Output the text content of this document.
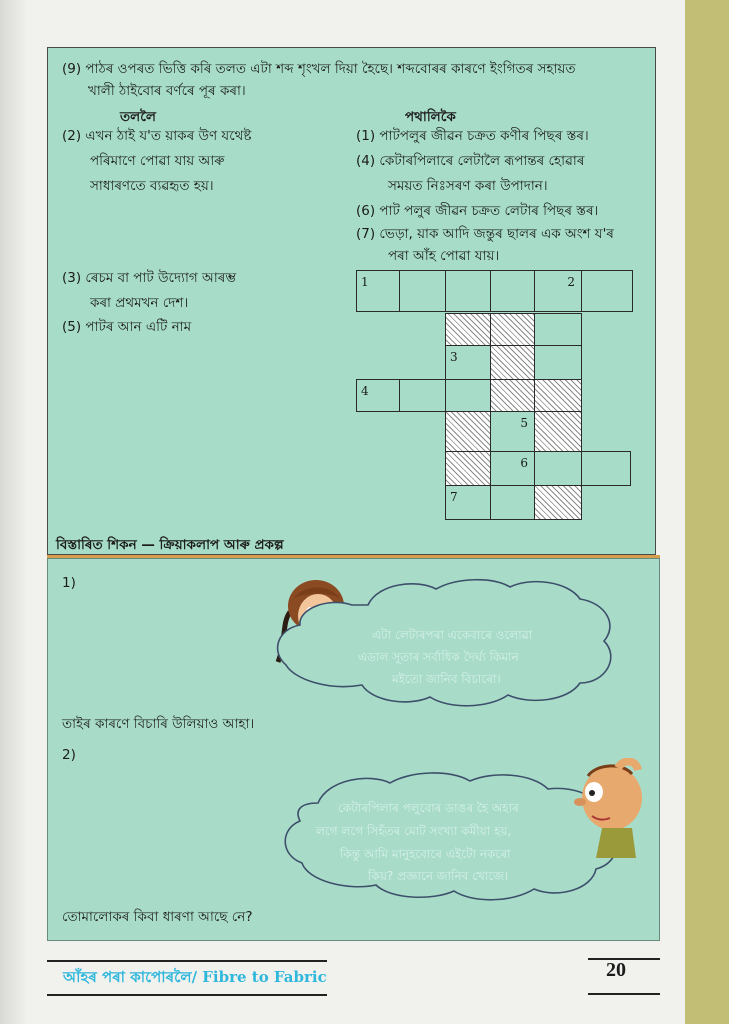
(9) পাঠৰ ওপৰত ভিত্তি কৰি তলত এটা শব্দ শৃংখল দিয়া হৈছে। শব্দবোৰৰ কাৰণে ইংগিতৰ সহায়ত
খালী ঠাইবোৰ বৰ্ণৰে পূৰ কৰা।
তললৈ	পথালিকৈ
(2) এখন ঠাই য'ত য়াকৰ উণ যথেষ্ট
পৰিমাণে পোৱা যায় আৰু
সাধাৰণতে ব্যৱহৃত হয়।
(3) ৰেচম বা পাট উদ্যোগ আৰম্ভ
কৰা প্ৰথমখন দেশ।
(5) পাটৰ আন এটি নাম
(1) পাটপলুৰ জীৱন চক্ৰত কণীৰ পিছৰ স্তৰ।
(4) কেটাৰপিলাৰে লেটালৈ ৰূপান্তৰ হোৱাৰ
সময়ত নিঃসৰণ কৰা উপাদান।
(6) পাট পলুৰ জীৱন চক্ৰত লেটাৰ পিছৰ স্তৰ।
(7) ভেড়া, য়াক আদি জন্তুৰ ছালৰ এক অংশ য'ৰ
পৰা আঁহ পোৱা যায়।
1	2
3
4
5
6
7
বিস্তাৰিত শিকন — ক্ৰিয়াকলাপ আৰু প্ৰকল্প
1)
এটা লেটাৰপৰা একেবাৰে ওলোৱা
এডাল সূতাৰ সৰ্বাধিক দৈৰ্ঘ্য কিমান
মইতো জানিব বিচাৰো।
তাইৰ কাৰণে বিচাৰি উলিয়াও আহা।
2)
কেটাৰপিলাৰ পলুবোৰ ডাঙৰ হৈ অহাৰ
লগে লগে সিহঁতৰ মোট সংখ্যা কমীয়া হয়,
কিন্তু আমি মানুহবোৰে এইটো নকৰো
কিয়? প্ৰজ্ঞানে জানিব খোজে।
তোমালোকৰ কিবা ধাৰণা আছে নে?
আঁহৰ পৰা কাপোৰলৈ/ Fibre to Fabric	20
